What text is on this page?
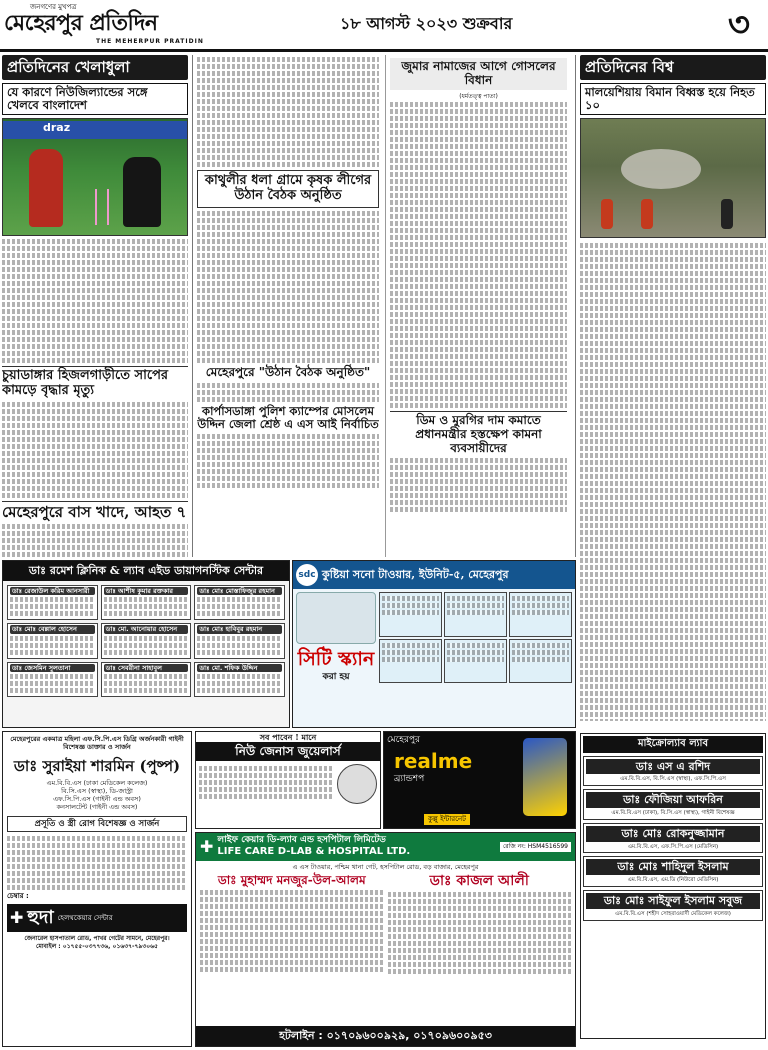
জনগণের মুখপত্র
মেহেরপুর প্রতিদিন
THE MEHERPUR PRATIDIN
১৮ আগস্ট ২০২৩ শুক্রবার	৩
প্রতিদিনের খেলাধুলা
যে কারণে নিউজিল্যান্ডের সঙ্গে খেলবে বাংলাদেশ
draz
চুয়াডাঙ্গার হিজলগাড়ীতে সাপের কামড়ে বৃদ্ধার মৃত্যু
মেহেরপুরে বাস খাদে, আহত ৭
কাথুলীর ধলা গ্রামে কৃষক লীগের উঠান বৈঠক অনুষ্ঠিত
মেহেরপুরে "উঠান বৈঠক অনুষ্ঠিত"
কার্পাসডাঙ্গা পুলিশ ক্যাম্পের মোসলেম উদ্দিন জেলা শ্রেষ্ঠ এ এস আই নির্বাচিত
জুমার নামাজের আগে গোসলের বিধান
(ধর্মতত্ত্ব পাতা)
ডিম ও মুরগির দাম কমাতে প্রধানমন্ত্রীর হস্তক্ষেপ কামনা ব্যবসায়ীদের
প্রতিদিনের বিশ্ব
মালয়েশিয়ায় বিমান বিধ্বস্ত হয়ে নিহত ১০
মাইক্রোল্যাব ল্যাব
ডাঃ এস এ রশিদ
এম.বি.বি.এস, বি.সি.এস (স্বাস্থ্য), এফ.সি.পি.এস
ডাঃ ফৌজিয়া আফরিন
এম.বি.বি.এস (ঢাকা), বি.সি.এস (স্বাস্থ্য), গাইনী বিশেষজ্ঞ
ডাঃ মোঃ রোকনুজ্জামান
এম.বি.বি.এস, এফ.সি.পি.এস (মেডিসিন)
ডাঃ মোঃ শাহিদুল ইসলাম
এম.বি.বি.এস, এম.ডি (নিউরো মেডিসিন)
ডাঃ মোঃ সাইফুল ইসলাম সবুজ
এম.বি.বি.এস (শহীদ সোহরাওয়ার্দী মেডিকেল কলেজ)
ডাঃ রমেশ ক্লিনিক & ল্যাব এইড ডায়াগনস্টিক সেন্টার
ডাঃ রেজাউল করিম আনসারী	ডাঃ আশীষ কুমার রক্তকার	ডাঃ মোঃ মোস্তাফিজুর রহমান
ডাঃ মোঃ বেল্লাল হোসেন	ডাঃ মো. আনোয়ার হোসেন	ডাঃ মোঃ হাবিবুর রহমান
ডাঃ জেসমিন সুলতানা	ডাঃ সেবরীনা সাহাবুল	ডাঃ মো. শফিক উদ্দিন
sdc কুষ্টিয়া সনো টাওয়ার, ইউনিট-৫, মেহেরপুর
সিটি স্ক্যান
করা হয়
মেহেরপুরের একমাত্র মহিলা এফ.সি.পি.এস ডিগ্রি অর্জনকারী গাইনী বিশেষজ্ঞ ডাক্তার ও সার্জন
ডাঃ সুরাইয়া শারমিন (পুষ্প)
এম.বি.বি.এস (ঢাকা মেডিকেল কলেজ)
বি.সি.এস (স্বাস্থ্য), ডি-জাস্ট্রা
এফ.সি.পি.এস (গাইনী এন্ড অবস)
কনসালটেন্ট (গাইনী এন্ড অবস)
প্রসূতি ও স্ত্রী রোগ বিশেষজ্ঞ ও সার্জন
চেম্বার :
✚ হুদা হেলথকেয়ার সেন্টার
জেনারেল হাসপাতাল রোড, পাখর গেটের সামনে, মেহেরপুর।
মোবাইল : ০১৭৫৫-০৩৭৭৩৬, ০১৬৩৭-৭৯৩০৬৫
সব পাবেন ! মানে
নিউ জেনাস জুয়েলার্স
মেহেরপুর
realme
ব্র্যান্ডশপ
কুল্লু ইন্টারনেট
✚ লাইফ কেয়ার ডি-ল্যাব এন্ড হসপিটাল লিমিটেড
LIFE CARE D-LAB & HOSPITAL LTD.	রেজি নং: HSM4516599
এ এস টাওয়ার, পশ্চিম থানা গেট, হসপিটাল রোড, বড় বাজার, মেহেরপুর
ডাঃ মুহাম্মদ মনজুর-উল-আলম	ডাঃ কাজল আলী
হটলাইন : ০১৭০৯৬০০৯২৯, ০১৭০৯৬০০৯৫৩
